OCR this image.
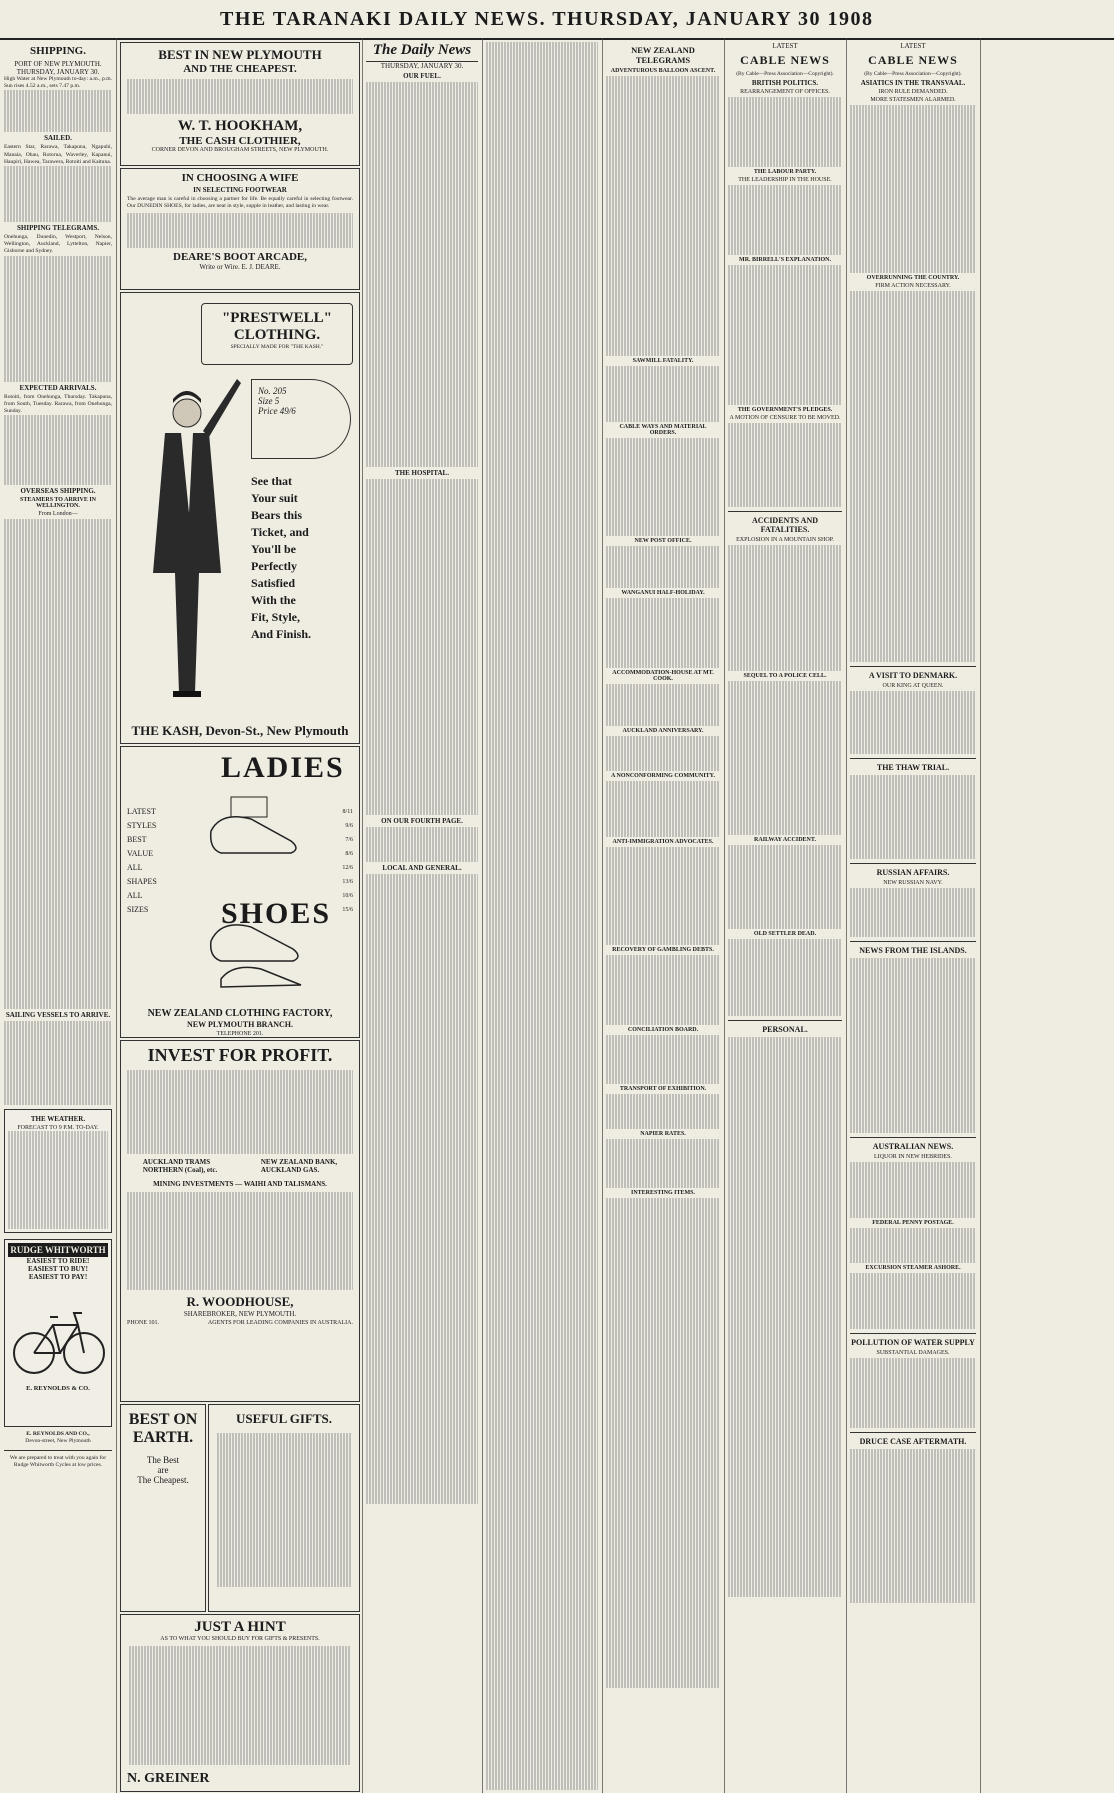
THE TARANAKI DAILY NEWS. THURSDAY, JANUARY 30 1908
SHIPPING.
PORT OF NEW PLYMOUTH.
THURSDAY, JANUARY 30.
High Water at New Plymouth to-day: a.m., p.m. Sun rises 4.52 a.m., sets 7.47 p.m.
SAILED.
Eastern Star, Rarawa, Takapuna, Ngapuhi, Manaia, Ohau, Rotorua, Waverley, Kapanui, Haupiri, Hawea, Tarawera, Rotoiti and Kaituna.
SHIPPING TELEGRAMS.
Onehunga, Dunedin, Westport, Nelson, Wellington, Auckland, Lyttelton, Napier, Gisborne and Sydney.
EXPECTED ARRIVALS.
Rotoiti, from Onehunga, Thursday. Takapuna, from South, Tuesday. Rarawa, from Onehunga, Sunday.
OVERSEAS SHIPPING.
STEAMERS TO ARRIVE IN WELLINGTON.
From London—
SAILING VESSELS TO ARRIVE.
THE WEATHER.
FORECAST TO 9 P.M. TO-DAY.
RUDGE WHITWORTH
EASIEST TO RIDE!
EASIEST TO BUY!
EASIEST TO PAY!
E. REYNOLDS & CO.
E. REYNOLDS AND CO.,
Devon-street, New Plymouth
We are prepared to treat with you again for Rudge Whitworth Cycles at low prices.
BEST IN NEW PLYMOUTH
AND THE CHEAPEST.
W. T. HOOKHAM,
THE CASH CLOTHIER,
CORNER DEVON AND BROUGHAM STREETS, NEW PLYMOUTH.
IN CHOOSING A WIFE
IN SELECTING FOOTWEAR
The average man is careful in choosing a partner for life. Be equally careful in selecting footwear. Our DUNEDIN SHOES, for ladies, are neat in style, supple in leather, and lasting in wear.
DEARE'S BOOT ARCADE,
Write or Wire. E. J. DEARE.
"PRESTWELL"
CLOTHING.
SPECIALLY MADE FOR "THE KASH."
No. 205
Size 5
Price 49/6
See that
Your suit
Bears this
Ticket, and
You'll be
Perfectly
Satisfied
With the
Fit, Style,
And Finish.
THE KASH, Devon-St., New Plymouth
LADIES
SHOES
LATEST
STYLES
BEST
VALUE
ALL
SHAPES
ALL
SIZES
8/11
9/6
7/6
8/6
12/6
13/6
10/6
15/6
NEW ZEALAND CLOTHING FACTORY,
NEW PLYMOUTH BRANCH.
TELEPHONE 201.
INVEST FOR PROFIT.
AUCKLAND TRAMS
NORTHERN (Coal), etc.
NEW ZEALAND BANK,
AUCKLAND GAS.
MINING INVESTMENTS — WAIHI AND TALISMANS.
R. WOODHOUSE,
SHAREBROKER, NEW PLYMOUTH.
PHONE 101.	AGENTS FOR LEADING COMPANIES IN AUSTRALIA.
BEST ON
EARTH.
The Best
are
The Cheapest.
USEFUL GIFTS.
JUST A HINT
AS TO WHAT YOU SHOULD BUY FOR GIFTS & PRESENTS.
N. GREINER
The Daily News
THURSDAY, JANUARY 30.
OUR FUEL.
THE HOSPITAL.
ON OUR FOURTH PAGE.
LOCAL AND GENERAL.
NEW ZEALAND TELEGRAMS
ADVENTUROUS BALLOON ASCENT.
SAWMILL FATALITY.
CABLE WAYS AND MATERIAL ORDERS.
NEW POST OFFICE.
WANGANUI HALF-HOLIDAY.
ACCOMMODATION-HOUSE AT MT. COOK.
AUCKLAND ANNIVERSARY.
A NONCONFORMING COMMUNITY.
ANTI-IMMIGRATION ADVOCATES.
RECOVERY OF GAMBLING DEBTS.
CONCILIATION BOARD.
TRANSPORT OF EXHIBITION.
NAPIER RATES.
INTERESTING ITEMS.
LATEST
CABLE NEWS
(By Cable—Press Association—Copyright).
BRITISH POLITICS.
REARRANGEMENT OF OFFICES.
THE LABOUR PARTY.
THE LEADERSHIP IN THE HOUSE.
MR. BIRRELL'S EXPLANATION.
THE GOVERNMENT'S PLEDGES.
A MOTION OF CENSURE TO BE MOVED.
ACCIDENTS AND FATALITIES.
EXPLOSION IN A MOUNTAIN SHOP.
SEQUEL TO A POLICE CELL.
RAILWAY ACCIDENT.
OLD SETTLER DEAD.
PERSONAL.
LATEST
CABLE NEWS
(By Cable—Press Association—Copyright).
ASIATICS IN THE TRANSVAAL.
IRON RULE DEMANDED.
MORE STATESMEN ALARMED.
OVERRUNNING THE COUNTRY.
FIRM ACTION NECESSARY.
A VISIT TO DENMARK.
OUR KING AT QUEEN.
THE THAW TRIAL.
RUSSIAN AFFAIRS.
NEW RUSSIAN NAVY.
NEWS FROM THE ISLANDS.
AUSTRALIAN NEWS.
LIQUOR IN NEW HEBRIDES.
FEDERAL PENNY POSTAGE.
EXCURSION STEAMER ASHORE.
POLLUTION OF WATER SUPPLY
SUBSTANTIAL DAMAGES.
DRUCE CASE AFTERMATH.
